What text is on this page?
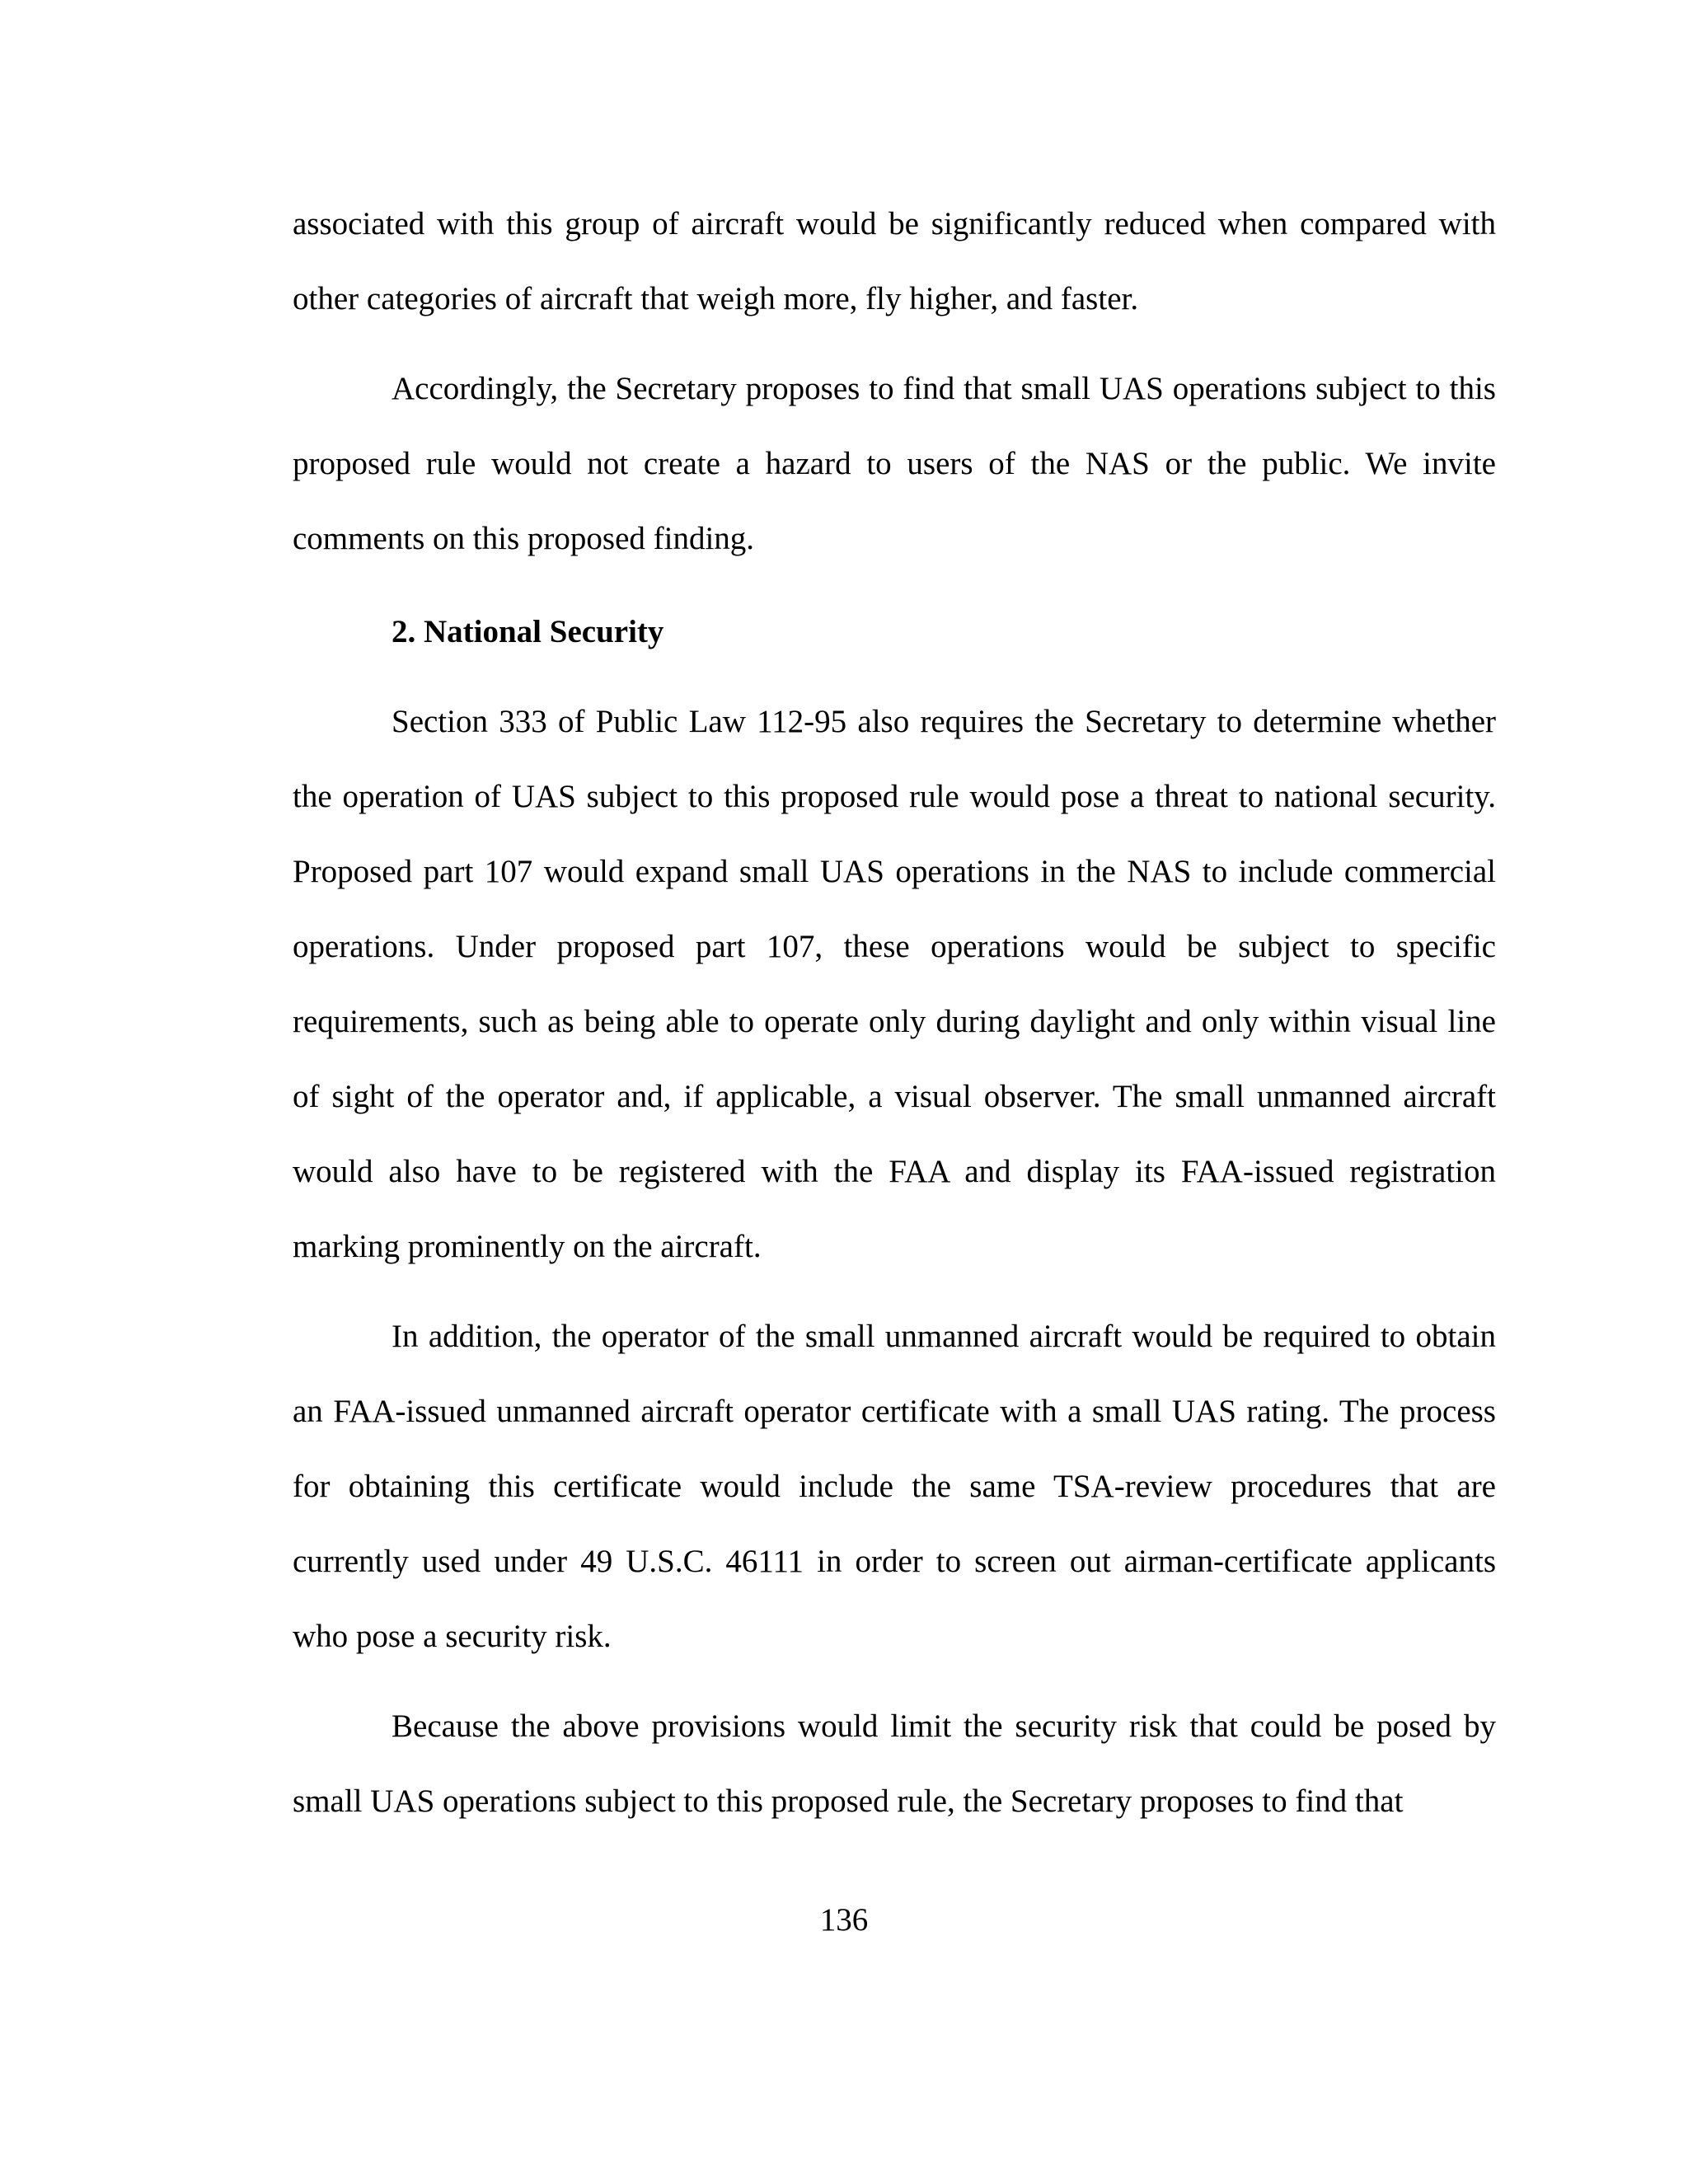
associated with this group of aircraft would be significantly reduced when compared with other categories of aircraft that weigh more, fly higher, and faster.

Accordingly, the Secretary proposes to find that small UAS operations subject to this proposed rule would not create a hazard to users of the NAS or the public. We invite comments on this proposed finding.

2. National Security

Section 333 of Public Law 112-95 also requires the Secretary to determine whether the operation of UAS subject to this proposed rule would pose a threat to national security. Proposed part 107 would expand small UAS operations in the NAS to include commercial operations. Under proposed part 107, these operations would be subject to specific requirements, such as being able to operate only during daylight and only within visual line of sight of the operator and, if applicable, a visual observer. The small unmanned aircraft would also have to be registered with the FAA and display its FAA-issued registration marking prominently on the aircraft.

In addition, the operator of the small unmanned aircraft would be required to obtain an FAA-issued unmanned aircraft operator certificate with a small UAS rating. The process for obtaining this certificate would include the same TSA-review procedures that are currently used under 49 U.S.C. 46111 in order to screen out airman-certificate applicants who pose a security risk.

Because the above provisions would limit the security risk that could be posed by small UAS operations subject to this proposed rule, the Secretary proposes to find that

136
